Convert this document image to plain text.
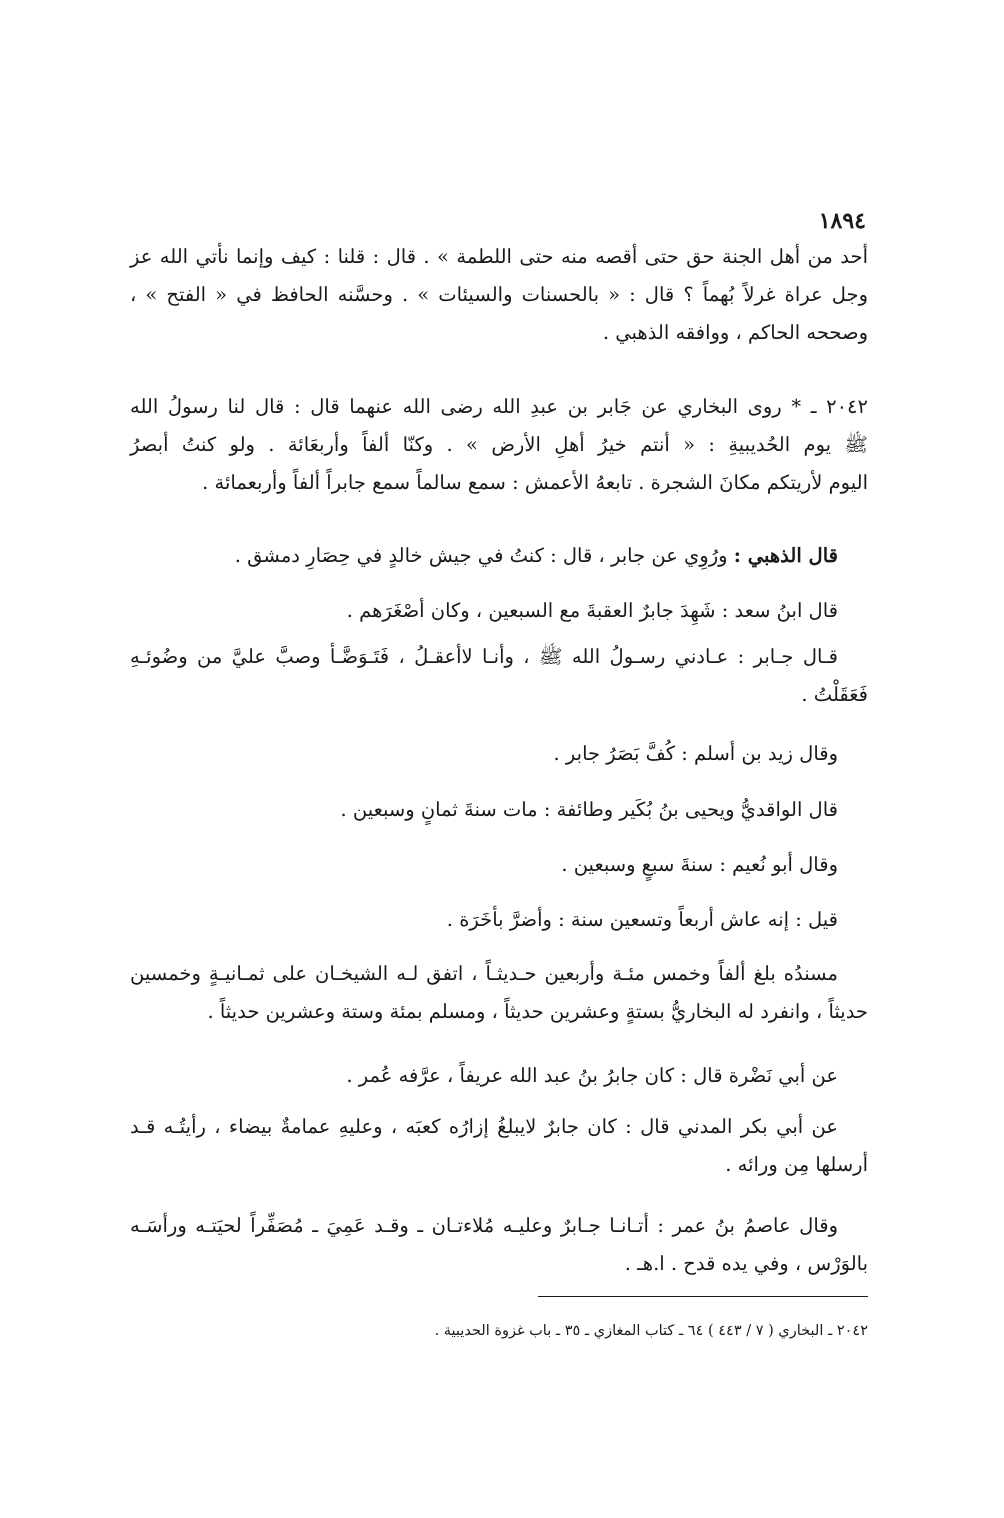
١٨٩٤
أحد من أهل الجنة حق حتى أقصه منه حتى اللطمة » . قال : قلنا : كيف وإنما نأتي الله عز
وجل عراة غرلاً بُهماً ؟ قال : « بالحسنات والسيئات » . وحسَّنه الحافظ في « الفتح » ،
وصححه الحاكم ، ووافقه الذهبي .
٢٠٤٢ ـ * روى البخاري عن جَابر بن عبدِ الله رضى الله عنهما قال : قال لنا رسولُ الله
ﷺ يوم الحُديبيةِ : « أنتم خيرُ أهلِ الأرض » . وكنّا ألفاً وأربعَائة . ولو كنتُ أبصرُ
اليوم لأريتكم مكانَ الشجرة . تابعهُ الأعمش : سمع سالماً سمع جابراً ألفاً وأربعمائة .
قال الذهبي : ورُوِي عن جابر ، قال : كنتُ في جيش خالدٍ في حِصَارِ دمشق .
قال ابنُ سعد : شَهِدَ جابرٌ العقبةَ مع السبعين ، وكان أصْغَرَهم .
قـال جـابر : عـادني رسـولُ الله ﷺ ، وأنـا لاأعقـلُ ، فَتَـوَضَّـأ وصبَّ عليَّ من وضُوئـهِ
فَعَقَلْتُ .
وقال زيد بن أسلم : كُفَّ بَصَرُ جابر .
قال الواقديُّ ويحيى بنُ بُكَير وطائفة : مات سنةَ ثمانٍ وسبعين .
وقال أبو نُعيم : سنةَ سبعٍ وسبعين .
قيل : إنه عاش أربعاً وتسعين سنة : وأضرَّ بأخَرَة .
مسندُه بلغ ألفاً وخمس مئـة وأربعين حـديثـاً ، اتفق لـه الشيخـان على ثمـانيـةٍ وخمسين
حديثاً ، وانفرد له البخاريُّ بستةٍ وعشرين حديثاً ، ومسلم بمئة وستة وعشرين حديثاً .
عن أبي نَضْرة قال : كان جابرُ بنُ عبد الله عريفاً ، عرَّفه عُمر .
عن أبي بكر المدني قال : كان جابرٌ لايبلغُ إزارُه كعبَه ، وعليهِ عمامةٌ بيضاء ، رأيتُـه قـد
أرسلها مِن ورائه .
وقال عاصمُ بنُ عمر : أتـانـا جـابرٌ وعليـه مُلاءتـان ـ وقـد عَمِيَ ـ مُصَفِّراً لحيَتـه ورأسَـه
بالوَرْس ، وفي يده قدح . ا.هـ .
٢٠٤٢ ـ البخاري ( ٧ / ٤٤٣ ) ٦٤ ـ كتاب المغازي ـ ٣٥ ـ باب غزوة الحديبية .
